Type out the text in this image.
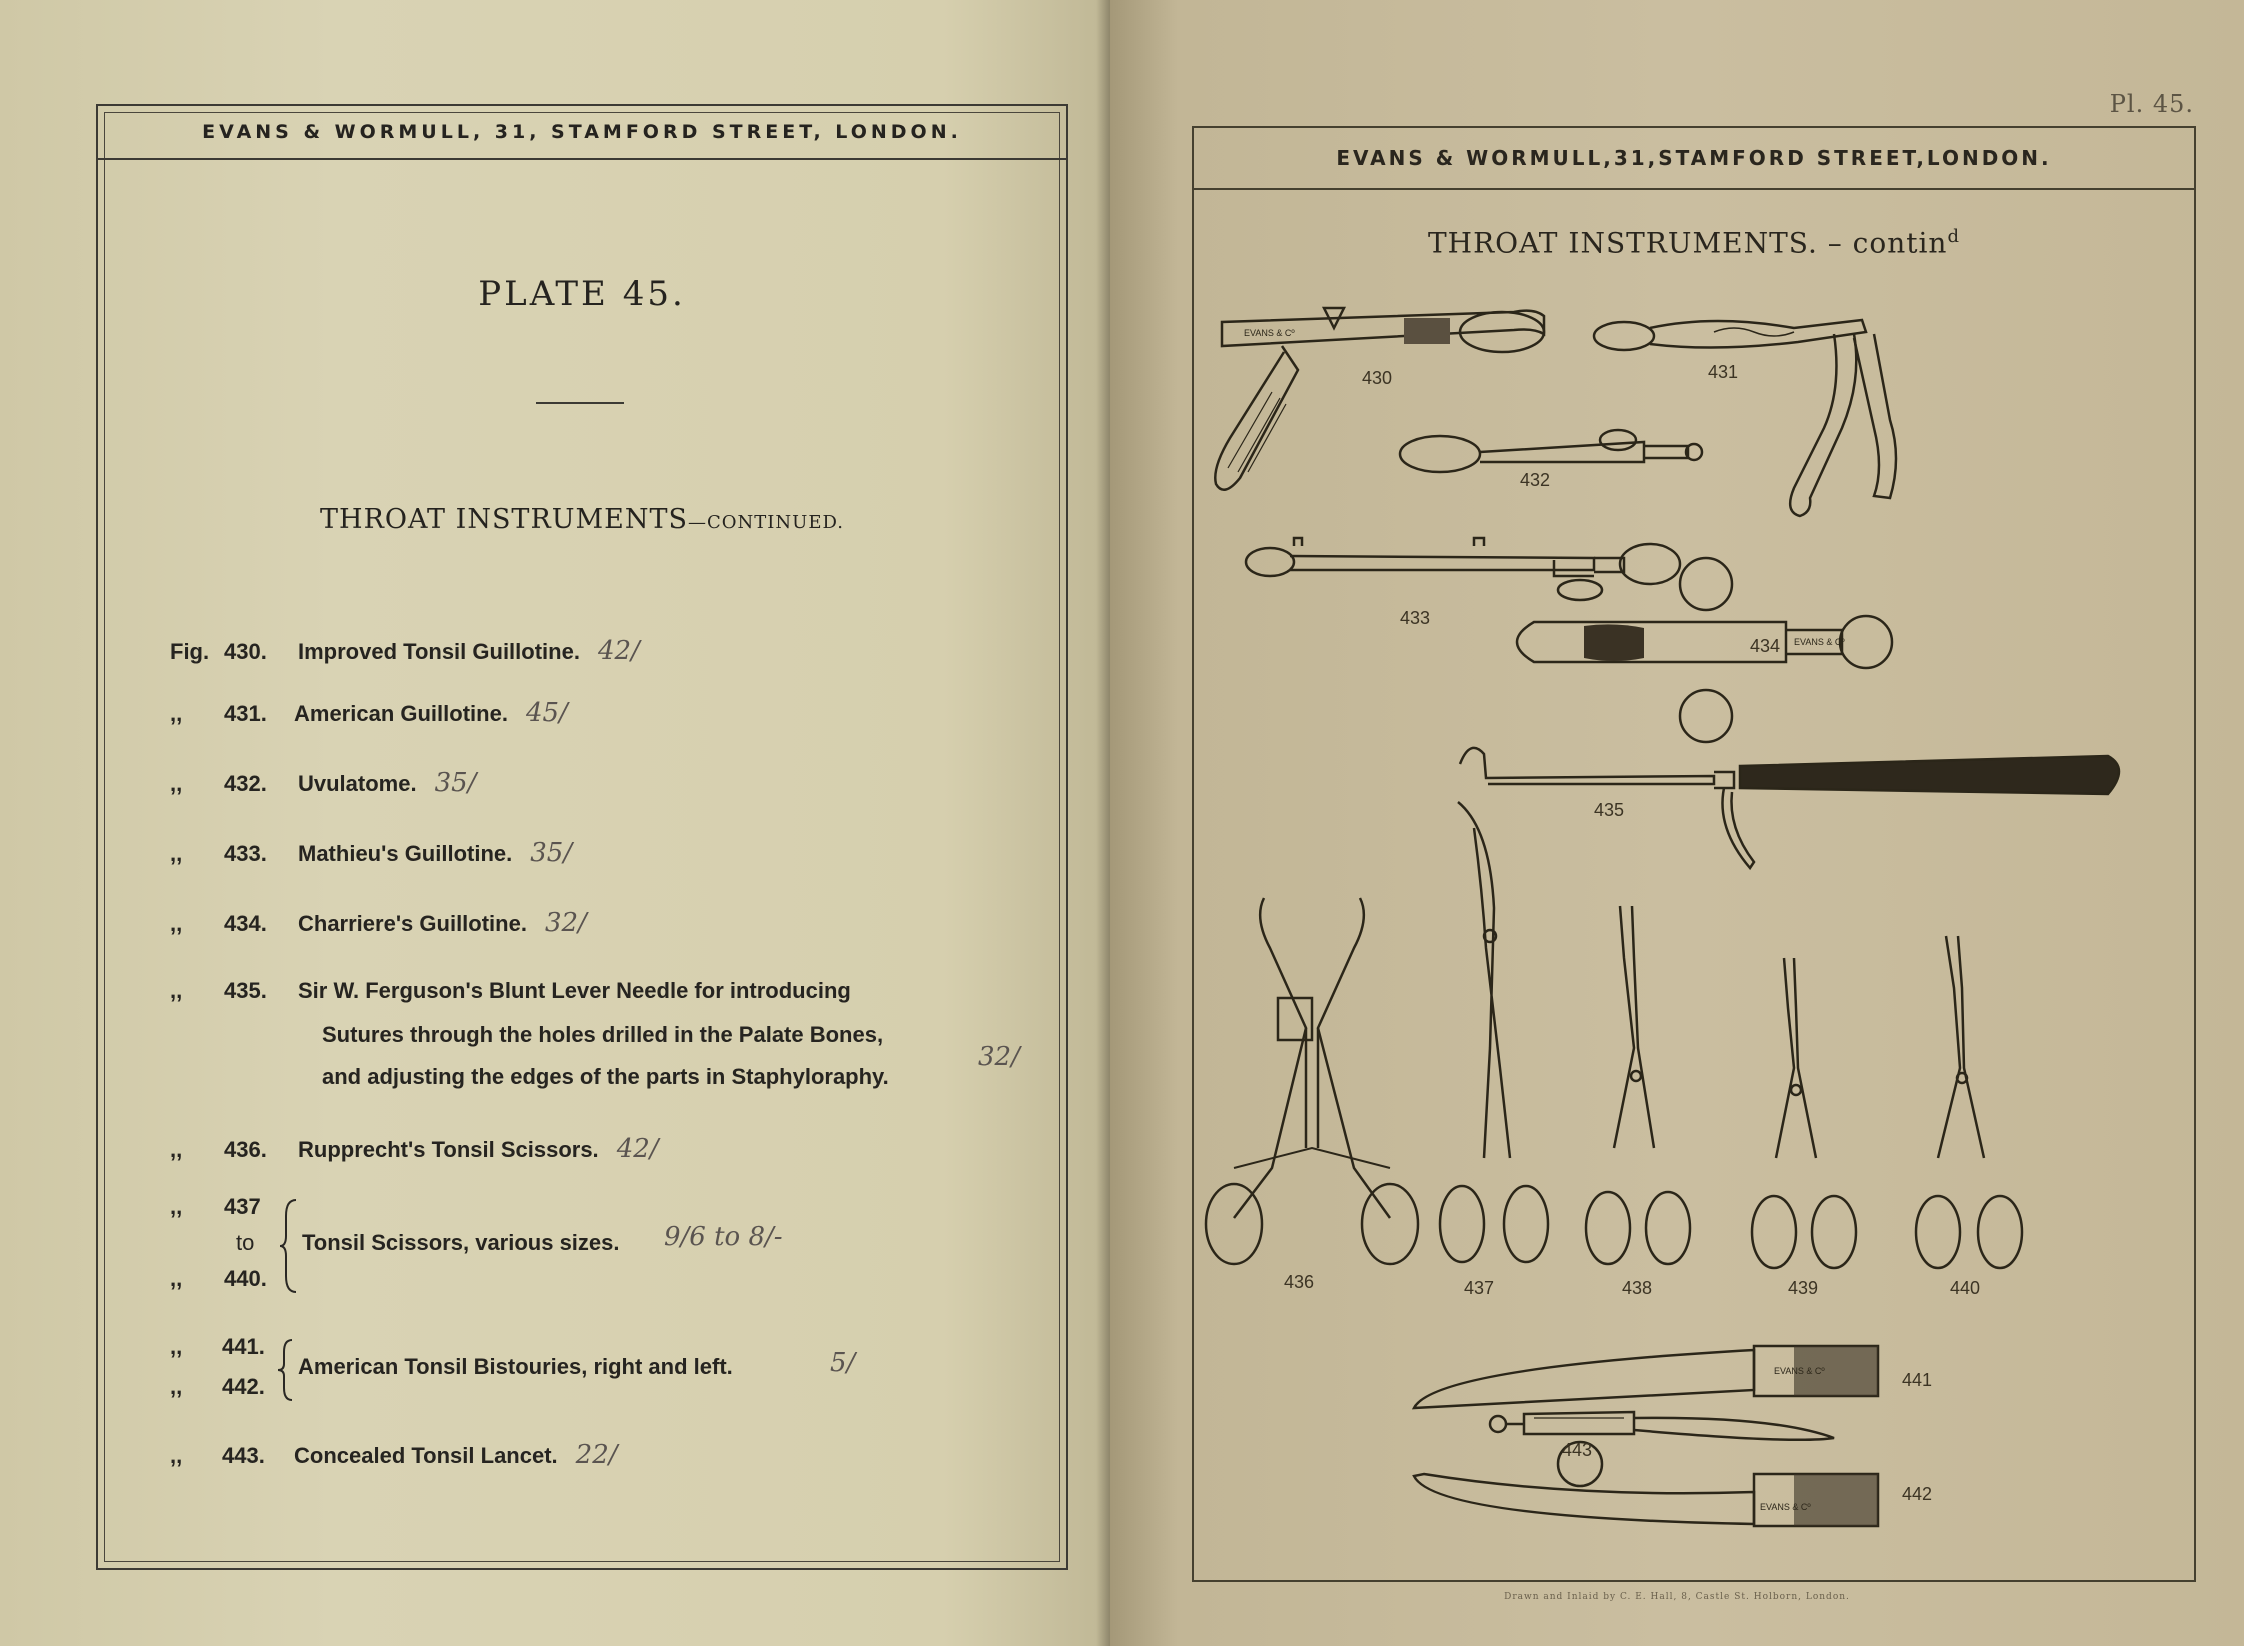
EVANS & WORMULL, 31, STAMFORD STREET, LONDON.
PLATE 45.
THROAT INSTRUMENTS—CONTINUED.
Fig. 430. Improved Tonsil Guillotine. 42/
,, 431. American Guillotine. 45/
,, 432. Uvulatome. 35/
,, 433. Mathieu's Guillotine. 35/
,, 434. Charriere's Guillotine. 32/
,, 435. Sir W. Ferguson's Blunt Lever Needle for introducing
Sutures through the holes drilled in the Palate Bones,
and adjusting the edges of the parts in Staphyloraphy.
32/
,, 436. Rupprecht's Tonsil Scissors. 42/
,, 437
to
,, 440.
Tonsil Scissors, various sizes. 9/6 to 8/-
,, 441.
,, 442.
American Tonsil Bistouries, right and left.	5/
,, 443. Concealed Tonsil Lancet. 22/
Pl. 45.
EVANS & WORMULL,31,STAMFORD STREET,LONDON.
THROAT INSTRUMENTS. – contin$^d$
EVANS & Cº
EVANS & Cº
EVANS & Cº
EVANS & Cº
430	431
432
433
434
435
436	437	438	439	440
441
442
443
Drawn and Inlaid by C. E. Hall, 8, Castle St. Holborn, London.
